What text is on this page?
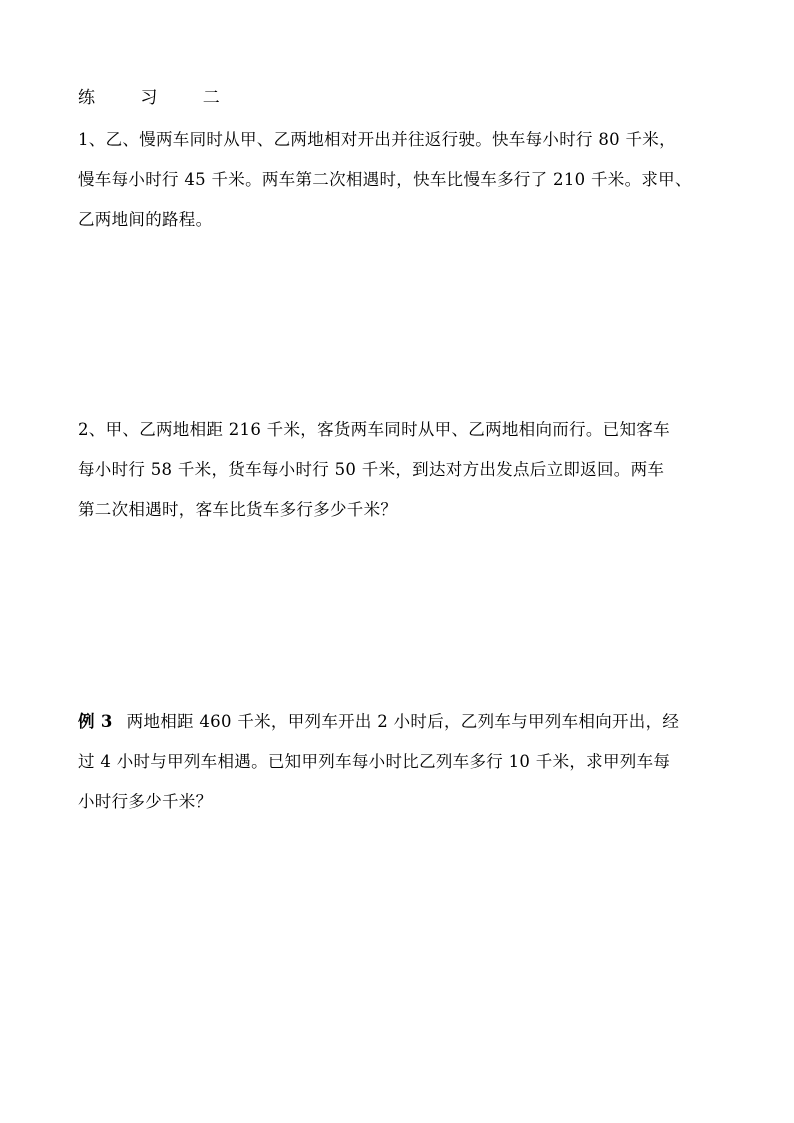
练 习 二

1、乙、慢两车同时从甲、乙两地相对开出并往返行驶。快车每小时行 80 千米，

慢车每小时行 45 千米。两车第二次相遇时，快车比慢车多行了 210 千米。求甲、

乙两地间的路程。

2、甲、乙两地相距 216 千米，客货两车同时从甲、乙两地相向而行。已知客车

每小时行 58 千米，货车每小时行 50 千米，到达对方出发点后立即返回。两车

第二次相遇时，客车比货车多行多少千米？

例 3 两地相距 460 千米，甲列车开出 2 小时后，乙列车与甲列车相向开出，经

过 4 小时与甲列车相遇。已知甲列车每小时比乙列车多行 10 千米，求甲列车每

小时行多少千米？
